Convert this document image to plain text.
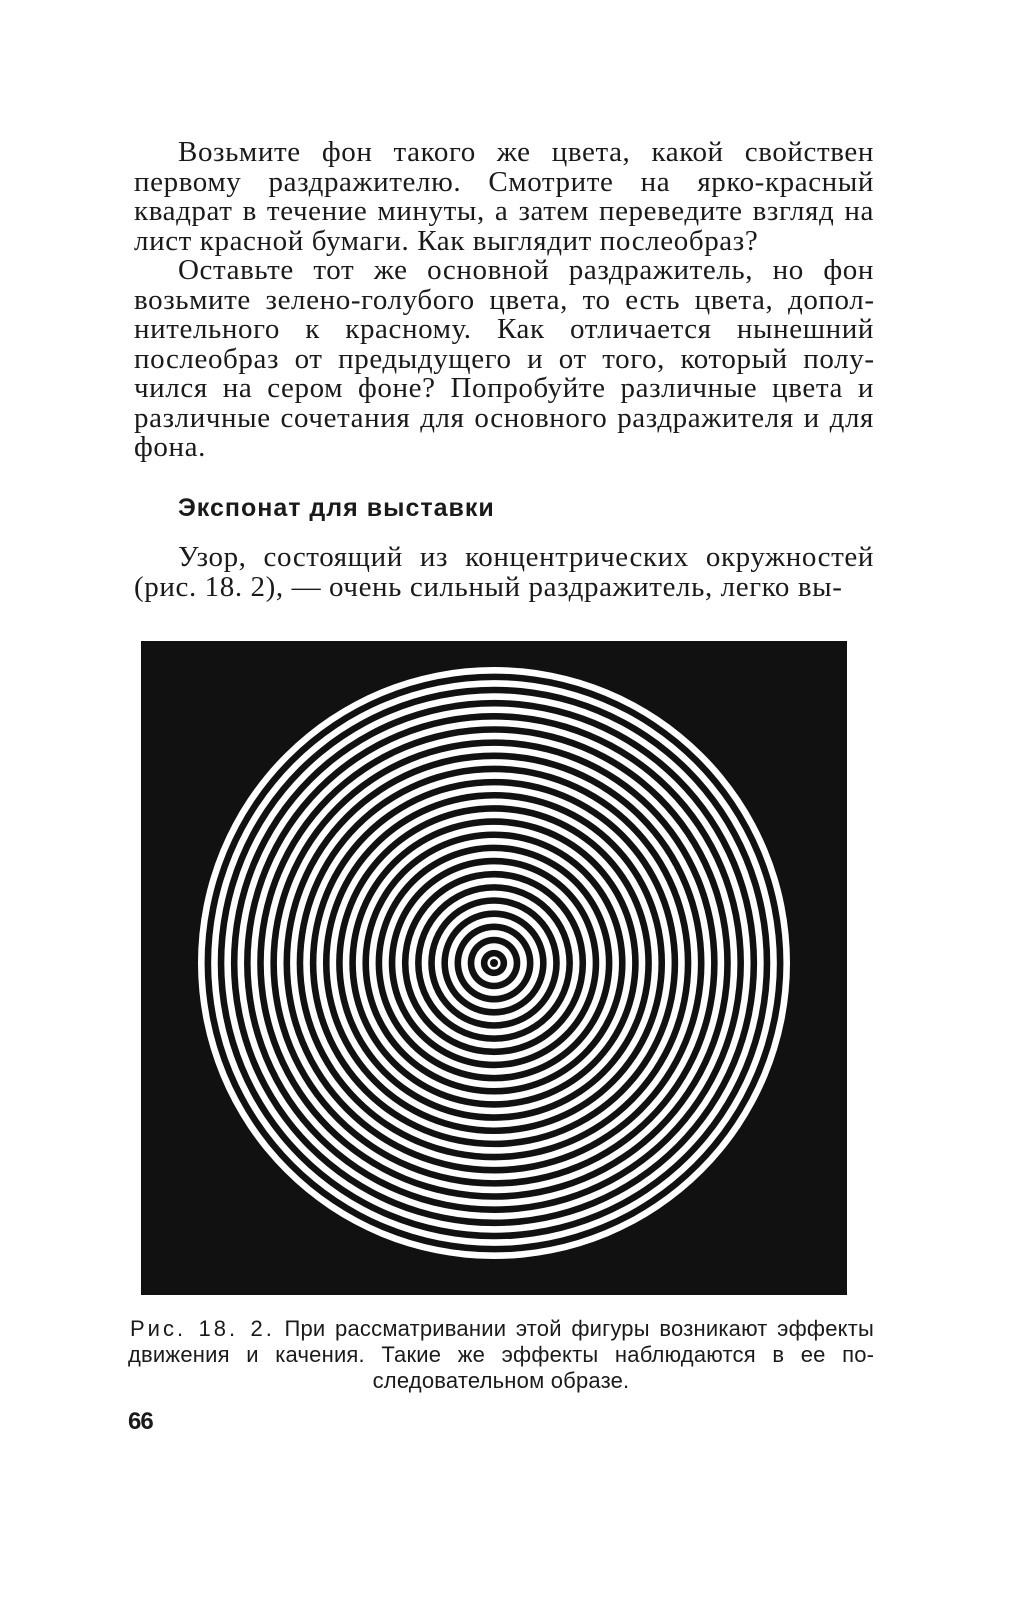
Возьмите фон такого же цвета, какой свойствен первому раздражителю. Смотрите на ярко-красный квадрат в течение минуты, а затем переведите взгляд на лист красной бумаги. Как выглядит послеобраз?

Оставьте тот же основной раздражитель, но фон возьмите зелено-голубого цвета, то есть цвета, дополнительного к красному. Как отличается нынешний послеобраз от предыдущего и от того, который получился на сером фоне? Попробуйте различные цвета и различные сочетания для основного раздражителя и для фона.

Экспонат для выставки

Узор, состоящий из концентрических окружностей (рис. 18. 2), — очень сильный раздражитель, легко вы-

Рис. 18. 2. При рассматривании этой фигуры возникают эффекты движения и качения. Такие же эффекты наблюдаются в ее последовательном образе.

66
